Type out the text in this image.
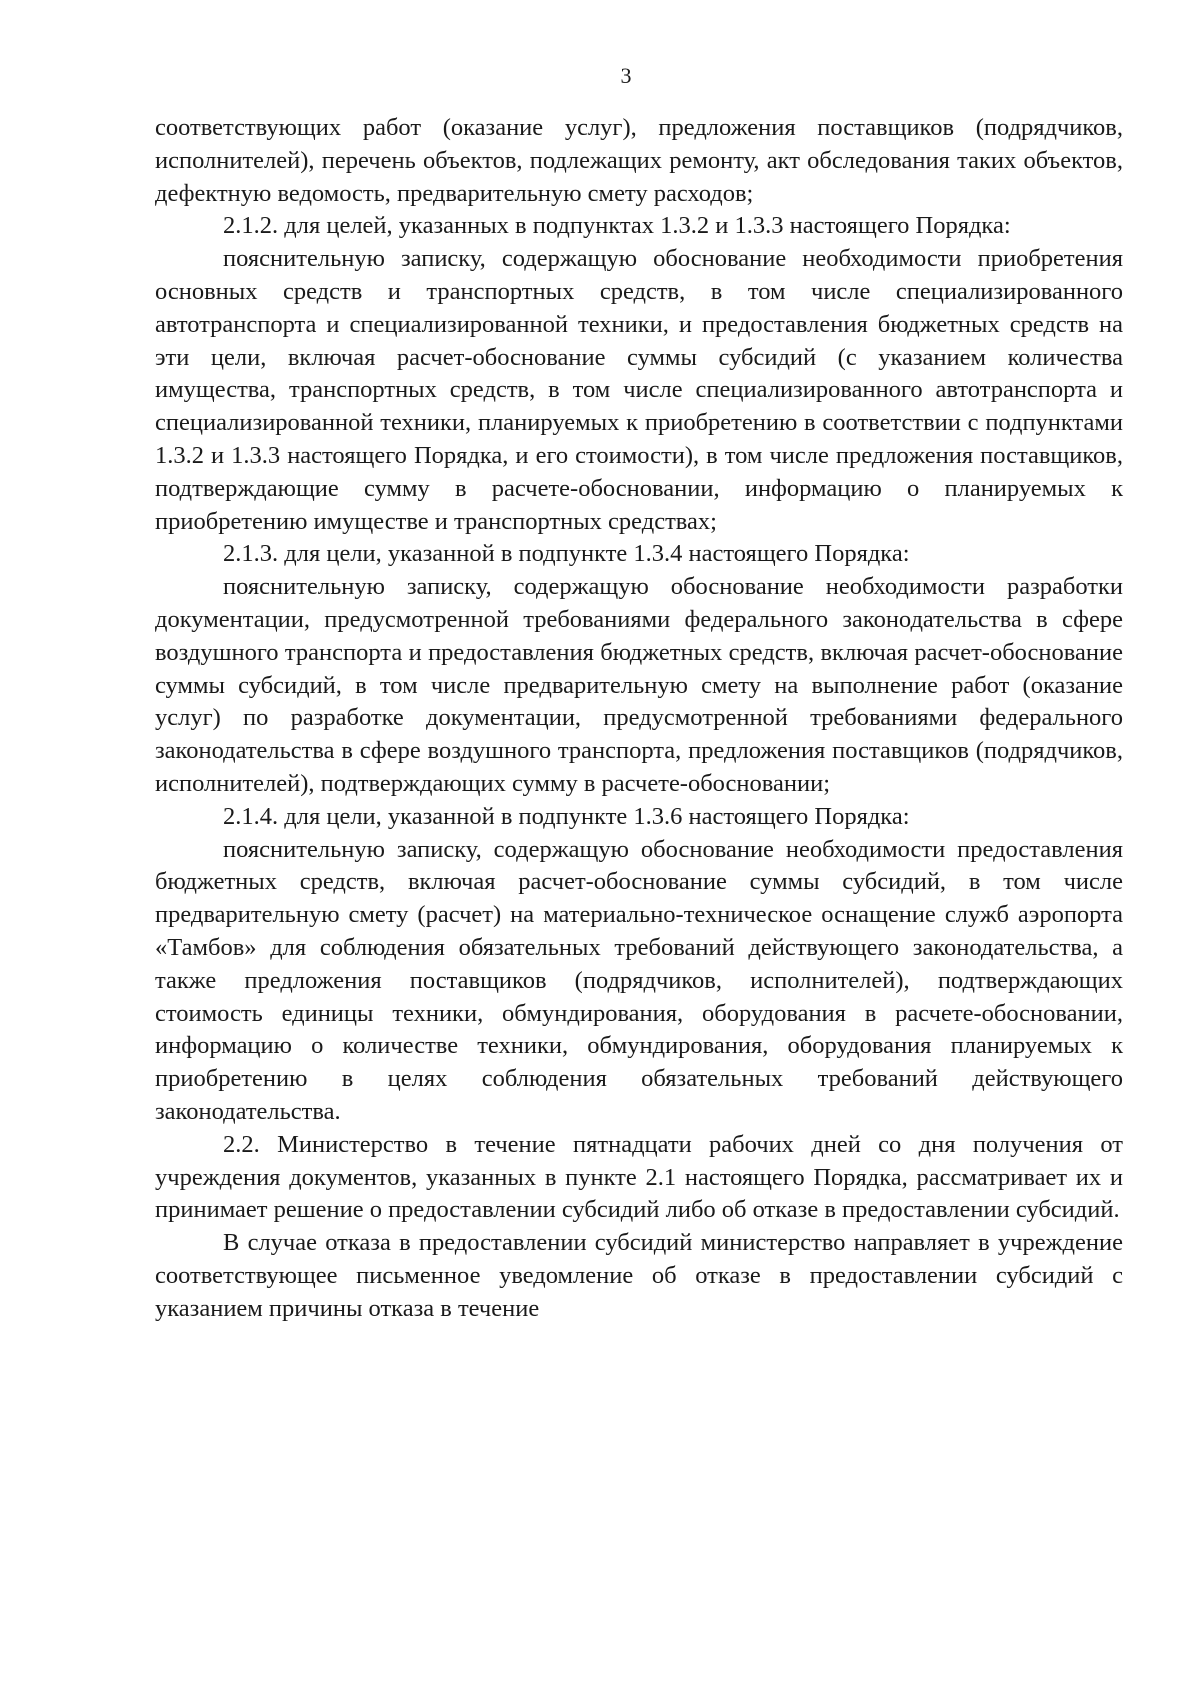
3

соответствующих работ (оказание услуг), предложения поставщиков (подрядчиков, исполнителей), перечень объектов, подлежащих ремонту, акт обследования таких объектов, дефектную ведомость, предварительную смету расходов;

2.1.2. для целей, указанных в подпунктах 1.3.2 и 1.3.3 настоящего Порядка:

пояснительную записку, содержащую обоснование необходимости приобретения основных средств и транспортных средств, в том числе специализированного автотранспорта и специализированной техники, и предоставления бюджетных средств на эти цели, включая расчет-обоснование суммы субсидий (с указанием количества имущества, транспортных средств, в том числе специализированного автотранспорта и специализированной техники, планируемых к приобретению в соответствии с подпунктами 1.3.2 и 1.3.3 настоящего Порядка, и его стоимости), в том числе предложения поставщиков, подтверждающие сумму в расчете-обосновании, информацию о планируемых к приобретению имуществе и транспортных средствах;

2.1.3. для цели, указанной в подпункте 1.3.4 настоящего Порядка:

пояснительную записку, содержащую обоснование необходимости разработки документации, предусмотренной требованиями федерального законодательства в сфере воздушного транспорта и предоставления бюджетных средств, включая расчет-обоснование суммы субсидий, в том числе предварительную смету на выполнение работ (оказание услуг) по разработке документации, предусмотренной требованиями федерального законодательства в сфере воздушного транспорта, предложения поставщиков (подрядчиков, исполнителей), подтверждающих сумму в расчете-обосновании;

2.1.4. для цели, указанной в подпункте 1.3.6 настоящего Порядка:

пояснительную записку, содержащую обоснование необходимости предоставления бюджетных средств, включая расчет-обоснование суммы субсидий, в том числе предварительную смету (расчет) на материально-техническое оснащение служб аэропорта «Тамбов» для соблюдения обязательных требований действующего законодательства, а также предложения поставщиков (подрядчиков, исполнителей), подтверждающих стоимость единицы техники, обмундирования, оборудования в расчете-обосновании, информацию о количестве техники, обмундирования, оборудования планируемых к приобретению в целях соблюдения обязательных требований действующего законодательства.

2.2. Министерство в течение пятнадцати рабочих дней со дня получения от учреждения документов, указанных в пункте 2.1 настоящего Порядка, рассматривает их и принимает решение о предоставлении субсидий либо об отказе в предоставлении субсидий.

В случае отказа в предоставлении субсидий министерство направляет в учреждение соответствующее письменное уведомление об отказе в предоставлении субсидий с указанием причины отказа в течение
